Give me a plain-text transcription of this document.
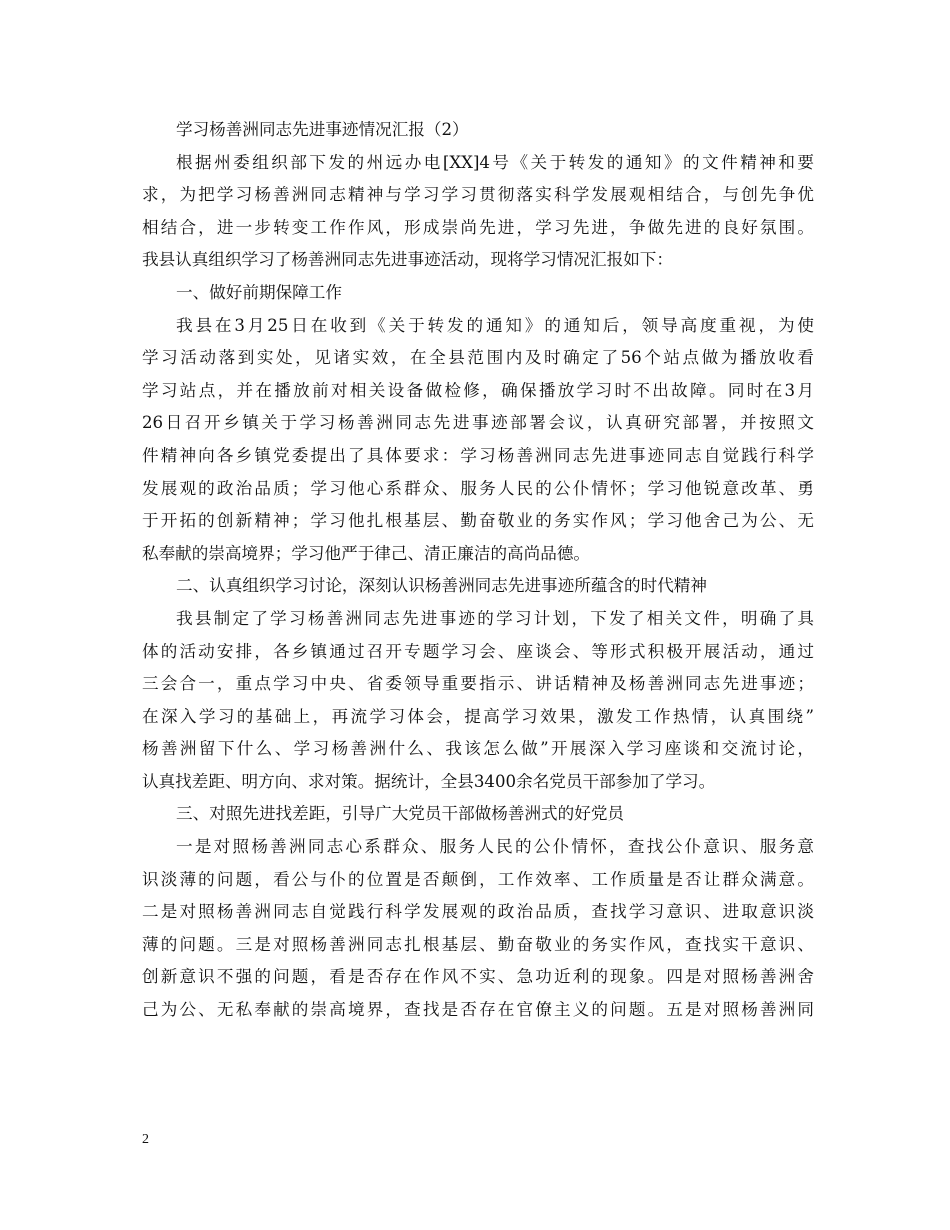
学习杨善洲同志先进事迹情况汇报（2）
根据州委组织部下发的州远办电[XX]4号《关于转发的通知》的文件精神和要
求，为把学习杨善洲同志精神与学习学习贯彻落实科学发展观相结合，与创先争优
相结合，进一步转变工作作风，形成崇尚先进，学习先进，争做先进的良好氛围。
我县认真组织学习了杨善洲同志先进事迹活动，现将学习情况汇报如下：
一、做好前期保障工作
我县在3月25日在收到《关于转发的通知》的通知后，领导高度重视，为使
学习活动落到实处，见诸实效，在全县范围内及时确定了56个站点做为播放收看
学习站点，并在播放前对相关设备做检修，确保播放学习时不出故障。同时在3月
26日召开乡镇关于学习杨善洲同志先进事迹部署会议，认真研究部署，并按照文
件精神向各乡镇党委提出了具体要求：学习杨善洲同志先进事迹同志自觉践行科学
发展观的政治品质；学习他心系群众、服务人民的公仆情怀；学习他锐意改革、勇
于开拓的创新精神；学习他扎根基层、勤奋敬业的务实作风；学习他舍己为公、无
私奉献的崇高境界；学习他严于律己、清正廉洁的高尚品德。
二、认真组织学习讨论，深刻认识杨善洲同志先进事迹所蕴含的时代精神
我县制定了学习杨善洲同志先进事迹的学习计划，下发了相关文件，明确了具
体的活动安排，各乡镇通过召开专题学习会、座谈会、等形式积极开展活动，通过
三会合一，重点学习中央、省委领导重要指示、讲话精神及杨善洲同志先进事迹；
在深入学习的基础上，再流学习体会，提高学习效果，激发工作热情，认真围绕”
杨善洲留下什么、学习杨善洲什么、我该怎么做”开展深入学习座谈和交流讨论，
认真找差距、明方向、求对策。据统计，全县3400余名党员干部参加了学习。
三、对照先进找差距，引导广大党员干部做杨善洲式的好党员
一是对照杨善洲同志心系群众、服务人民的公仆情怀，查找公仆意识、服务意
识淡薄的问题，看公与仆的位置是否颠倒，工作效率、工作质量是否让群众满意。
二是对照杨善洲同志自觉践行科学发展观的政治品质，查找学习意识、进取意识淡
薄的问题。三是对照杨善洲同志扎根基层、勤奋敬业的务实作风，查找实干意识、
创新意识不强的问题，看是否存在作风不实、急功近利的现象。四是对照杨善洲舍
己为公、无私奉献的崇高境界，查找是否存在官僚主义的问题。五是对照杨善洲同
2
